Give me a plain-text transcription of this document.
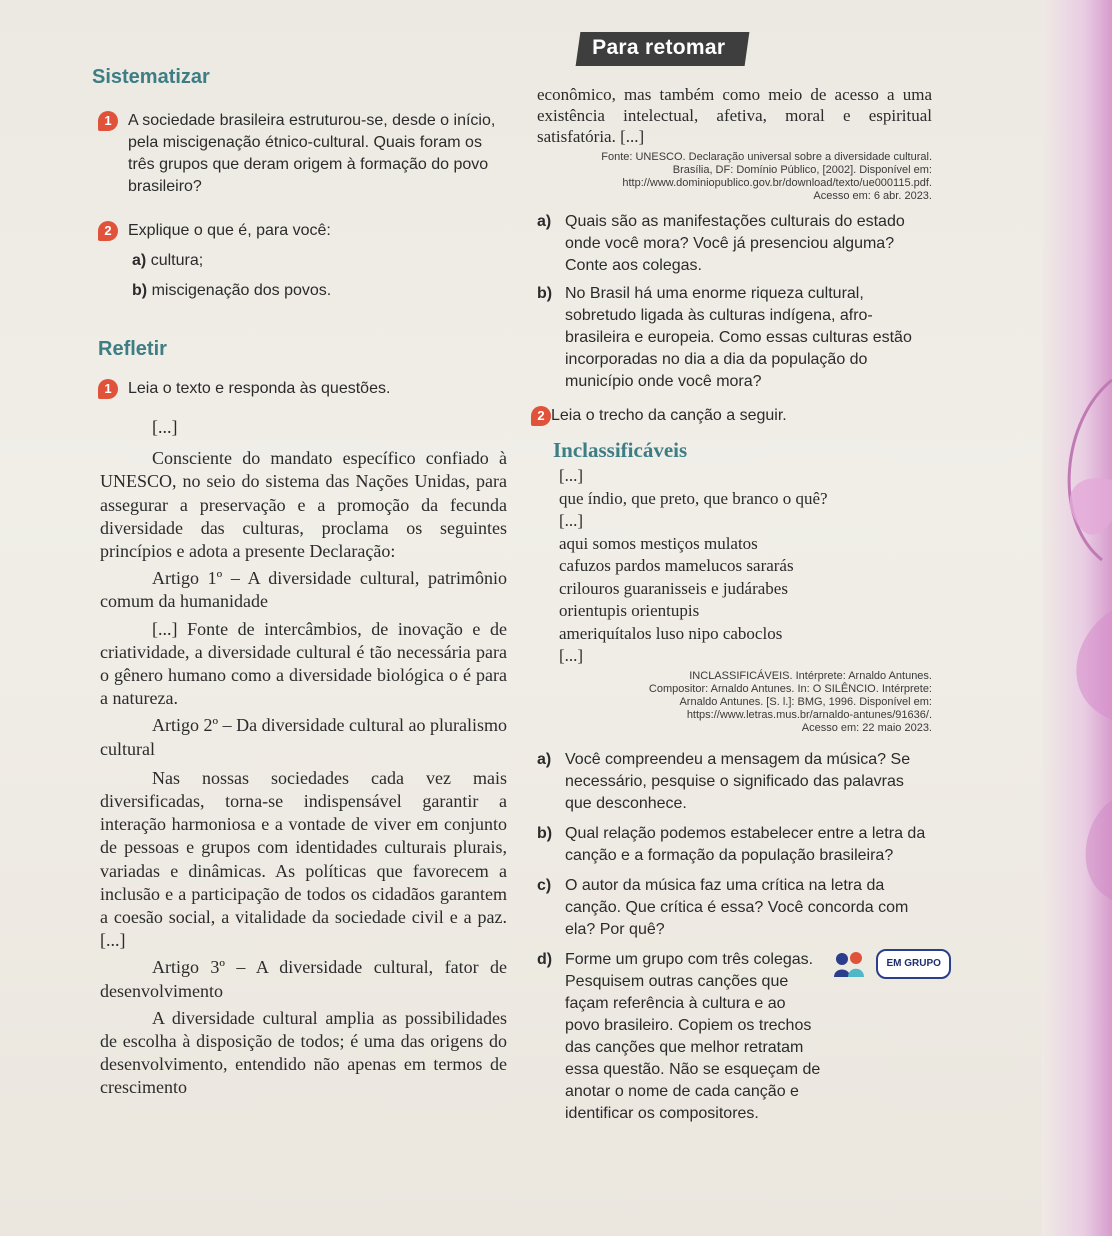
Para retomar

Sistematizar

1	A sociedade brasileira estruturou-se, desde o início, pela miscigenação étnico-cultural. Quais foram os três grupos que deram origem à formação do povo brasileiro?

2	Explique o que é, para você:

a) cultura;

b) miscigenação dos povos.

Refletir

1	Leia o texto e responda às questões.

[...]

Consciente do mandato específico confiado à UNESCO, no seio do sistema das Nações Unidas, para assegurar a preservação e a promoção da fecunda diversidade das culturas, proclama os seguintes princípios e adota a presente Declaração:

Artigo 1º – A diversidade cultural, patrimônio comum da humanidade

[...] Fonte de intercâmbios, de inovação e de criatividade, a diversidade cultural é tão necessária para o gênero humano como a diversidade biológica o é para a natureza.

Artigo 2º – Da diversidade cultural ao pluralismo cultural

Nas nossas sociedades cada vez mais diversificadas, torna-se indispensável garantir a interação harmoniosa e a vontade de viver em conjunto de pessoas e grupos com identidades culturais plurais, variadas e dinâmicas. As políticas que favorecem a inclusão e a participação de todos os cidadãos garantem a coesão social, a vitalidade da sociedade civil e a paz. [...]

Artigo 3º – A diversidade cultural, fator de desenvolvimento

A diversidade cultural amplia as possibilidades de escolha à disposição de todos; é uma das origens do desenvolvimento, entendido não apenas em termos de crescimento

econômico, mas também como meio de acesso a uma existência intelectual, afetiva, moral e espiritual satisfatória. [...]

Fonte: UNESCO. Declaração universal sobre a diversidade cultural.
Brasília, DF: Domínio Público, [2002]. Disponível em:
http://www.dominiopublico.gov.br/download/texto/ue000115.pdf.
Acesso em: 6 abr. 2023.

a) Quais são as manifestações culturais do estado onde você mora? Você já presenciou alguma? Conte aos colegas.

b) No Brasil há uma enorme riqueza cultural, sobretudo ligada às culturas indígena, afro-brasileira e europeia. Como essas culturas estão incorporadas no dia a dia da população do município onde você mora?

2 Leia o trecho da canção a seguir.

Inclassificáveis

[...]

que índio, que preto, que branco o quê?

[...]

aqui somos mestiços mulatos

cafuzos pardos mamelucos sararás

crilouros guaranisseis e judárabes

orientupis orientupis

ameriquítalos luso nipo caboclos

[...]

INCLASSIFICÁVEIS. Intérprete: Arnaldo Antunes.
Compositor: Arnaldo Antunes. In: O SILÊNCIO. Intérprete:
Arnaldo Antunes. [S. l.]: BMG, 1996. Disponível em:
https://www.letras.mus.br/arnaldo-antunes/91636/.
Acesso em: 22 maio 2023.

a) Você compreendeu a mensagem da música? Se necessário, pesquise o significado das palavras que desconhece.

b) Qual relação podemos estabelecer entre a letra da canção e a formação da população brasileira?

c) O autor da música faz uma crítica na letra da canção. Que crítica é essa? Você concorda com ela? Por quê?

d) Forme um grupo com três colegas. Pesquisem outras canções que façam referência à cultura e ao povo brasileiro. Copiem os trechos das canções que melhor retratam essa questão. Não se esqueçam de anotar o nome de cada canção e identificar os compositores.

EM GRUPO
